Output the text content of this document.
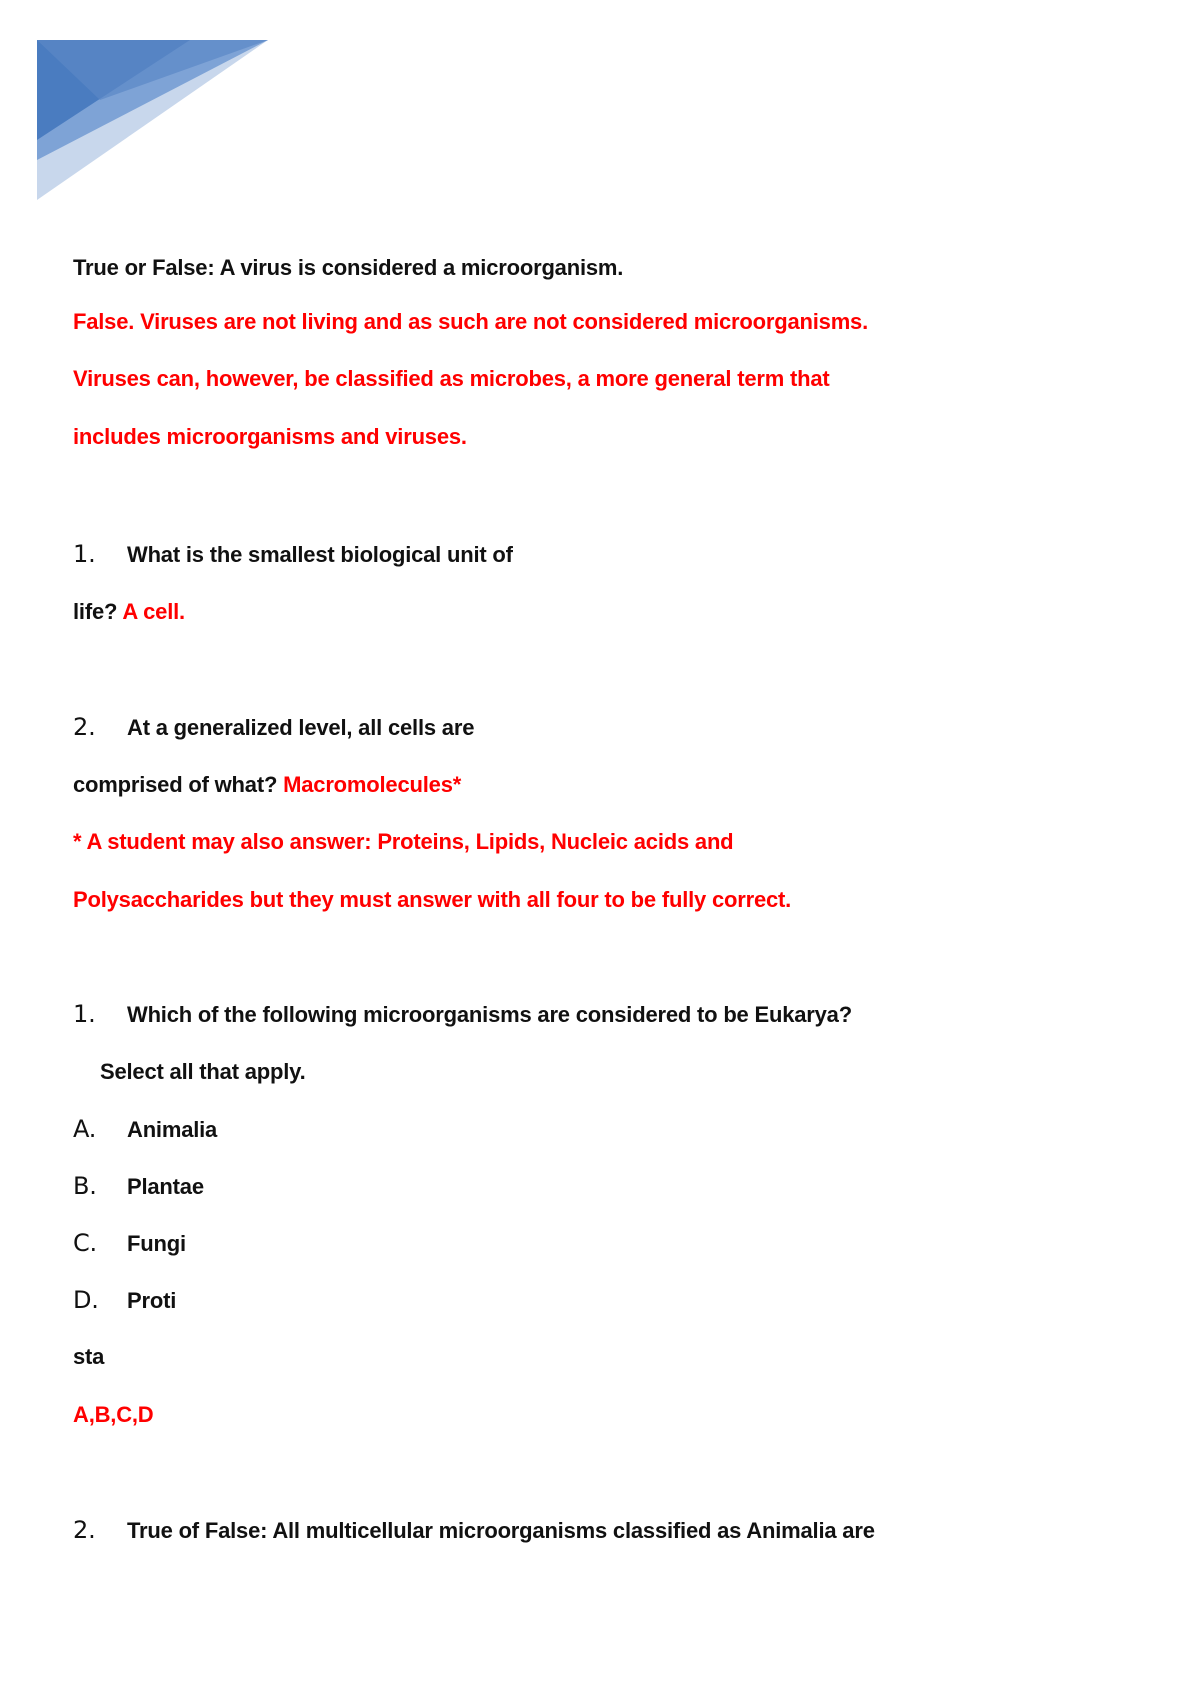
True or False: A virus is considered a microorganism.
False. Viruses are not living and as such are not considered microorganisms.
Viruses can, however, be classified as microbes, a more general term that
includes microorganisms and viruses.
1. What is the smallest biological unit of
life? A cell.
2. At a generalized level, all cells are
comprised of what? Macromolecules*
* A student may also answer: Proteins, Lipids, Nucleic acids and
Polysaccharides but they must answer with all four to be fully correct.
1. Which of the following microorganisms are considered to be Eukarya?
Select all that apply.
A. Animalia
B. Plantae
C. Fungi
D. Proti
sta
A,B,C,D
2. True of False: All multicellular microorganisms classified as Animalia are
